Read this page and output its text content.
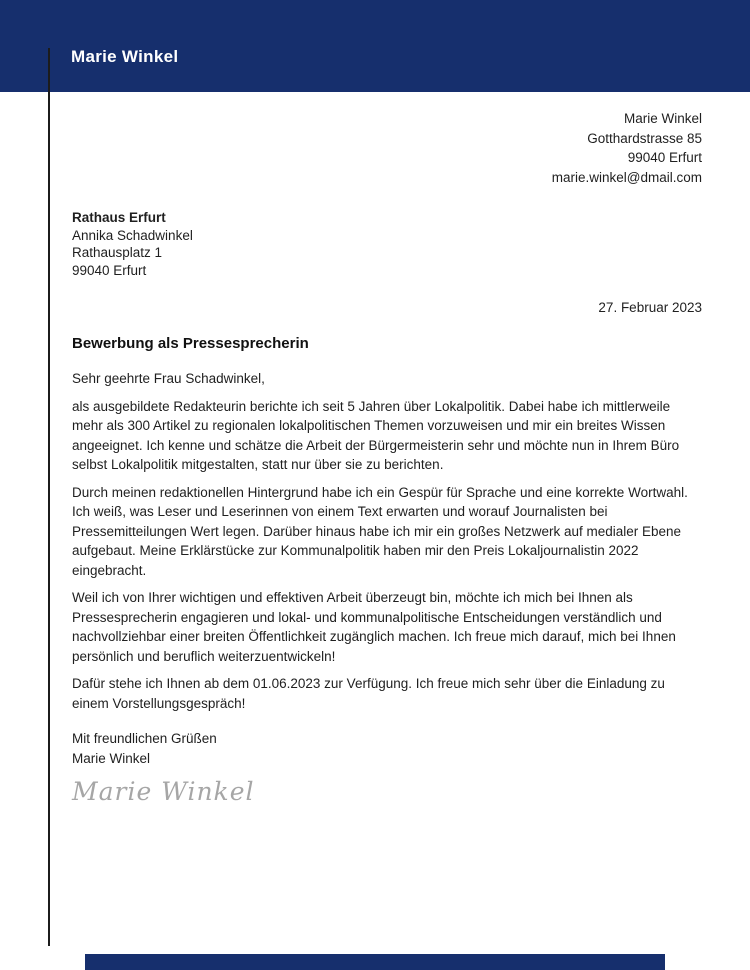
Marie Winkel
Marie Winkel
Gotthardstrasse 85
99040 Erfurt
marie.winkel@dmail.com
Rathaus Erfurt
Annika Schadwinkel
Rathausplatz 1
99040 Erfurt
27. Februar 2023
Bewerbung als Pressesprecherin
Sehr geehrte Frau Schadwinkel,

als ausgebildete Redakteurin berichte ich seit 5 Jahren über Lokalpolitik. Dabei habe ich mittlerweile mehr als 300 Artikel zu regionalen lokalpolitischen Themen vorzuweisen und mir ein breites Wissen angeeignet. Ich kenne und schätze die Arbeit der Bürgermeisterin sehr und möchte nun in Ihrem Büro selbst Lokalpolitik mitgestalten, statt nur über sie zu berichten.

Durch meinen redaktionellen Hintergrund habe ich ein Gespür für Sprache und eine korrekte Wortwahl. Ich weiß, was Leser und Leserinnen von einem Text erwarten und worauf Journalisten bei Pressemitteilungen Wert legen. Darüber hinaus habe ich mir ein großes Netzwerk auf medialer Ebene aufgebaut. Meine Erklärstücke zur Kommunalpolitik haben mir den Preis Lokaljournalistin 2022 eingebracht.

Weil ich von Ihrer wichtigen und effektiven Arbeit überzeugt bin, möchte ich mich bei Ihnen als Pressesprecherin engagieren und lokal- und kommunalpolitische Entscheidungen verständlich und nachvollziehbar einer breiten Öffentlichkeit zugänglich machen. Ich freue mich darauf, mich bei Ihnen persönlich und beruflich weiterzuentwickeln!

Dafür stehe ich Ihnen ab dem 01.06.2023 zur Verfügung. Ich freue mich sehr über die Einladung zu einem Vorstellungsgespräch!

Mit freundlichen Grüßen
Marie Winkel
Marie Winkel
